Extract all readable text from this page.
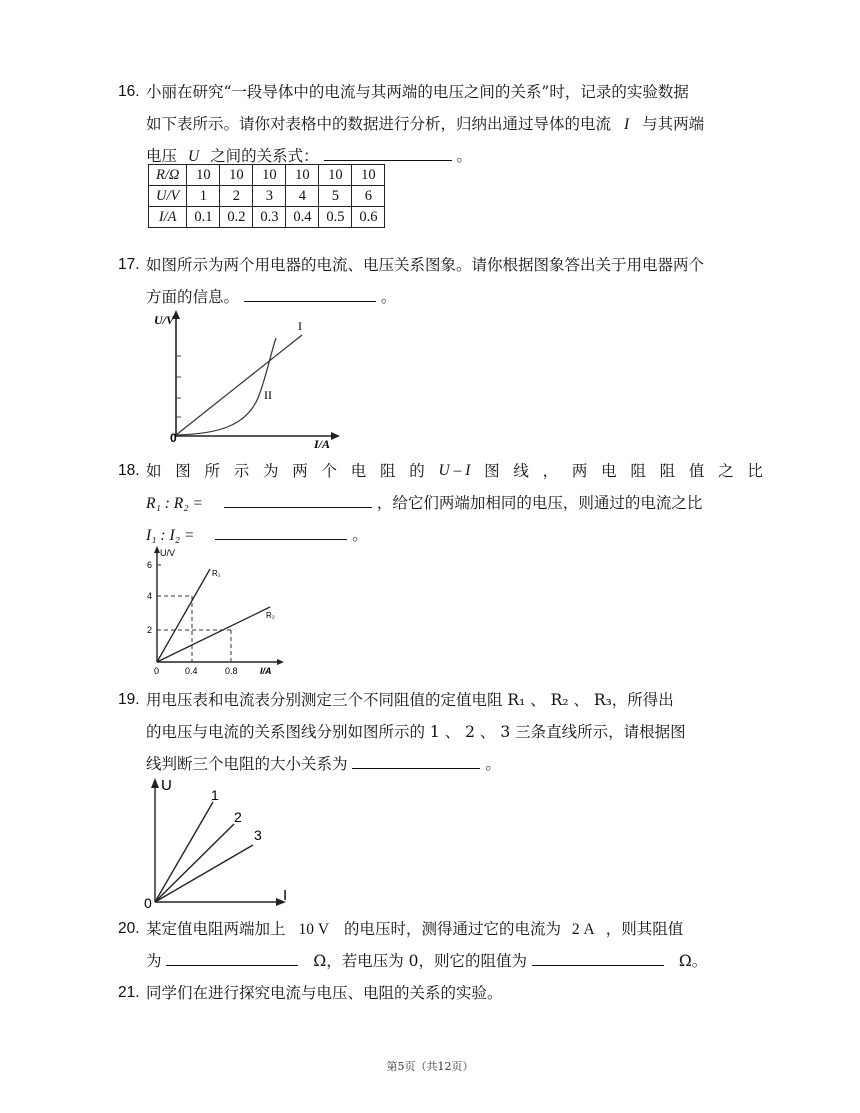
16. 小丽在研究“一段导体中的电流与其两端的电压之间的关系”时，记录的实验数据
如下表所示。请你对表格中的数据进行分析，归纳出通过导体的电流 I 与其两端
电压 U 之间的关系式：	。
R/Ω	10	10	10	10	10	10
U/V	1	2	3	4	5	6
I/A	0.1	0.2	0.3	0.4	0.5	0.6
17. 如图所示为两个用电器的电流、电压关系图象。请你根据图象答出关于用电器两个
方面的信息。	。
U/V
I/A
0
I
II
18. 如 图 所 示 为 两 个 电 阻 的 U – I 图 线 ， 两 电 阻 阻 值 之 比
R₁ : R₂ =	，给它们两端加相同的电压，则通过的电流之比
I₁ : I₂ =	。
U/V
I/A
6
4
2
0	0.4	0.8
R₁
R₂
19. 用电压表和电流表分别测定三个不同阻值的定值电阻 R₁ 、 R₂ 、 R₃，所得出
的电压与电流的关系图线分别如图所示的 1 、 2 、 3 三条直线所示，请根据图
线判断三个电阻的大小关系为	。
U
I
0
1
2
3
20. 某定值电阻两端加上 10 V 的电压时，测得通过它的电流为 2 A ，则其阻值
为	Ω，若电压为 0，则它的阻值为	Ω。
21. 同学们在进行探究电流与电压、电阻的关系的实验。
第5页（共12页）
